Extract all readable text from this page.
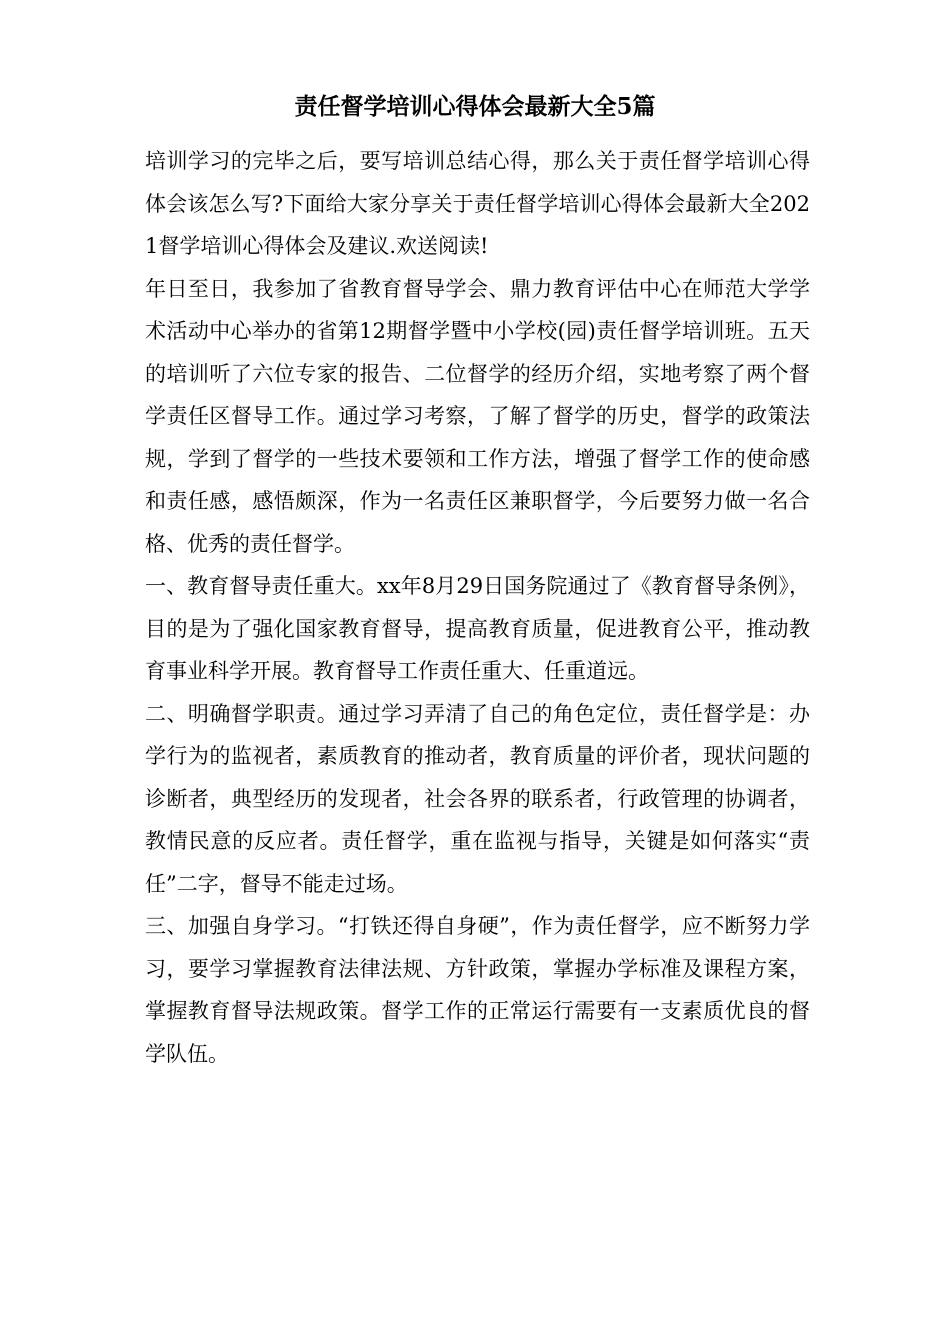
责任督学培训心得体会最新大全5篇

培训学习的完毕之后，要写培训总结心得，那么关于责任督学培训心得体会该怎么写?下面给大家分享关于责任督学培训心得体会最新大全2021督学培训心得体会及建议.欢送阅读!

年日至日，我参加了省教育督导学会、鼎力教育评估中心在师范大学学术活动中心举办的省第12期督学暨中小学校(园)责任督学培训班。五天的培训听了六位专家的报告、二位督学的经历介绍，实地考察了两个督学责任区督导工作。通过学习考察，了解了督学的历史，督学的政策法规，学到了督学的一些技术要领和工作方法，增强了督学工作的使命感和责任感，感悟颇深，作为一名责任区兼职督学，今后要努力做一名合格、优秀的责任督学。

一、教育督导责任重大。xx年8月29日国务院通过了《教育督导条例》，目的是为了强化国家教育督导，提高教育质量，促进教育公平，推动教育事业科学开展。教育督导工作责任重大、任重道远。

二、明确督学职责。通过学习弄清了自己的角色定位，责任督学是：办学行为的监视者，素质教育的推动者，教育质量的评价者，现状问题的诊断者，典型经历的发现者，社会各界的联系者，行政管理的协调者，教情民意的反应者。责任督学，重在监视与指导，关键是如何落实“责任”二字，督导不能走过场。

三、加强自身学习。“打铁还得自身硬”，作为责任督学，应不断努力学习，要学习掌握教育法律法规、方针政策，掌握办学标准及课程方案，掌握教育督导法规政策。督学工作的正常运行需要有一支素质优良的督学队伍。
